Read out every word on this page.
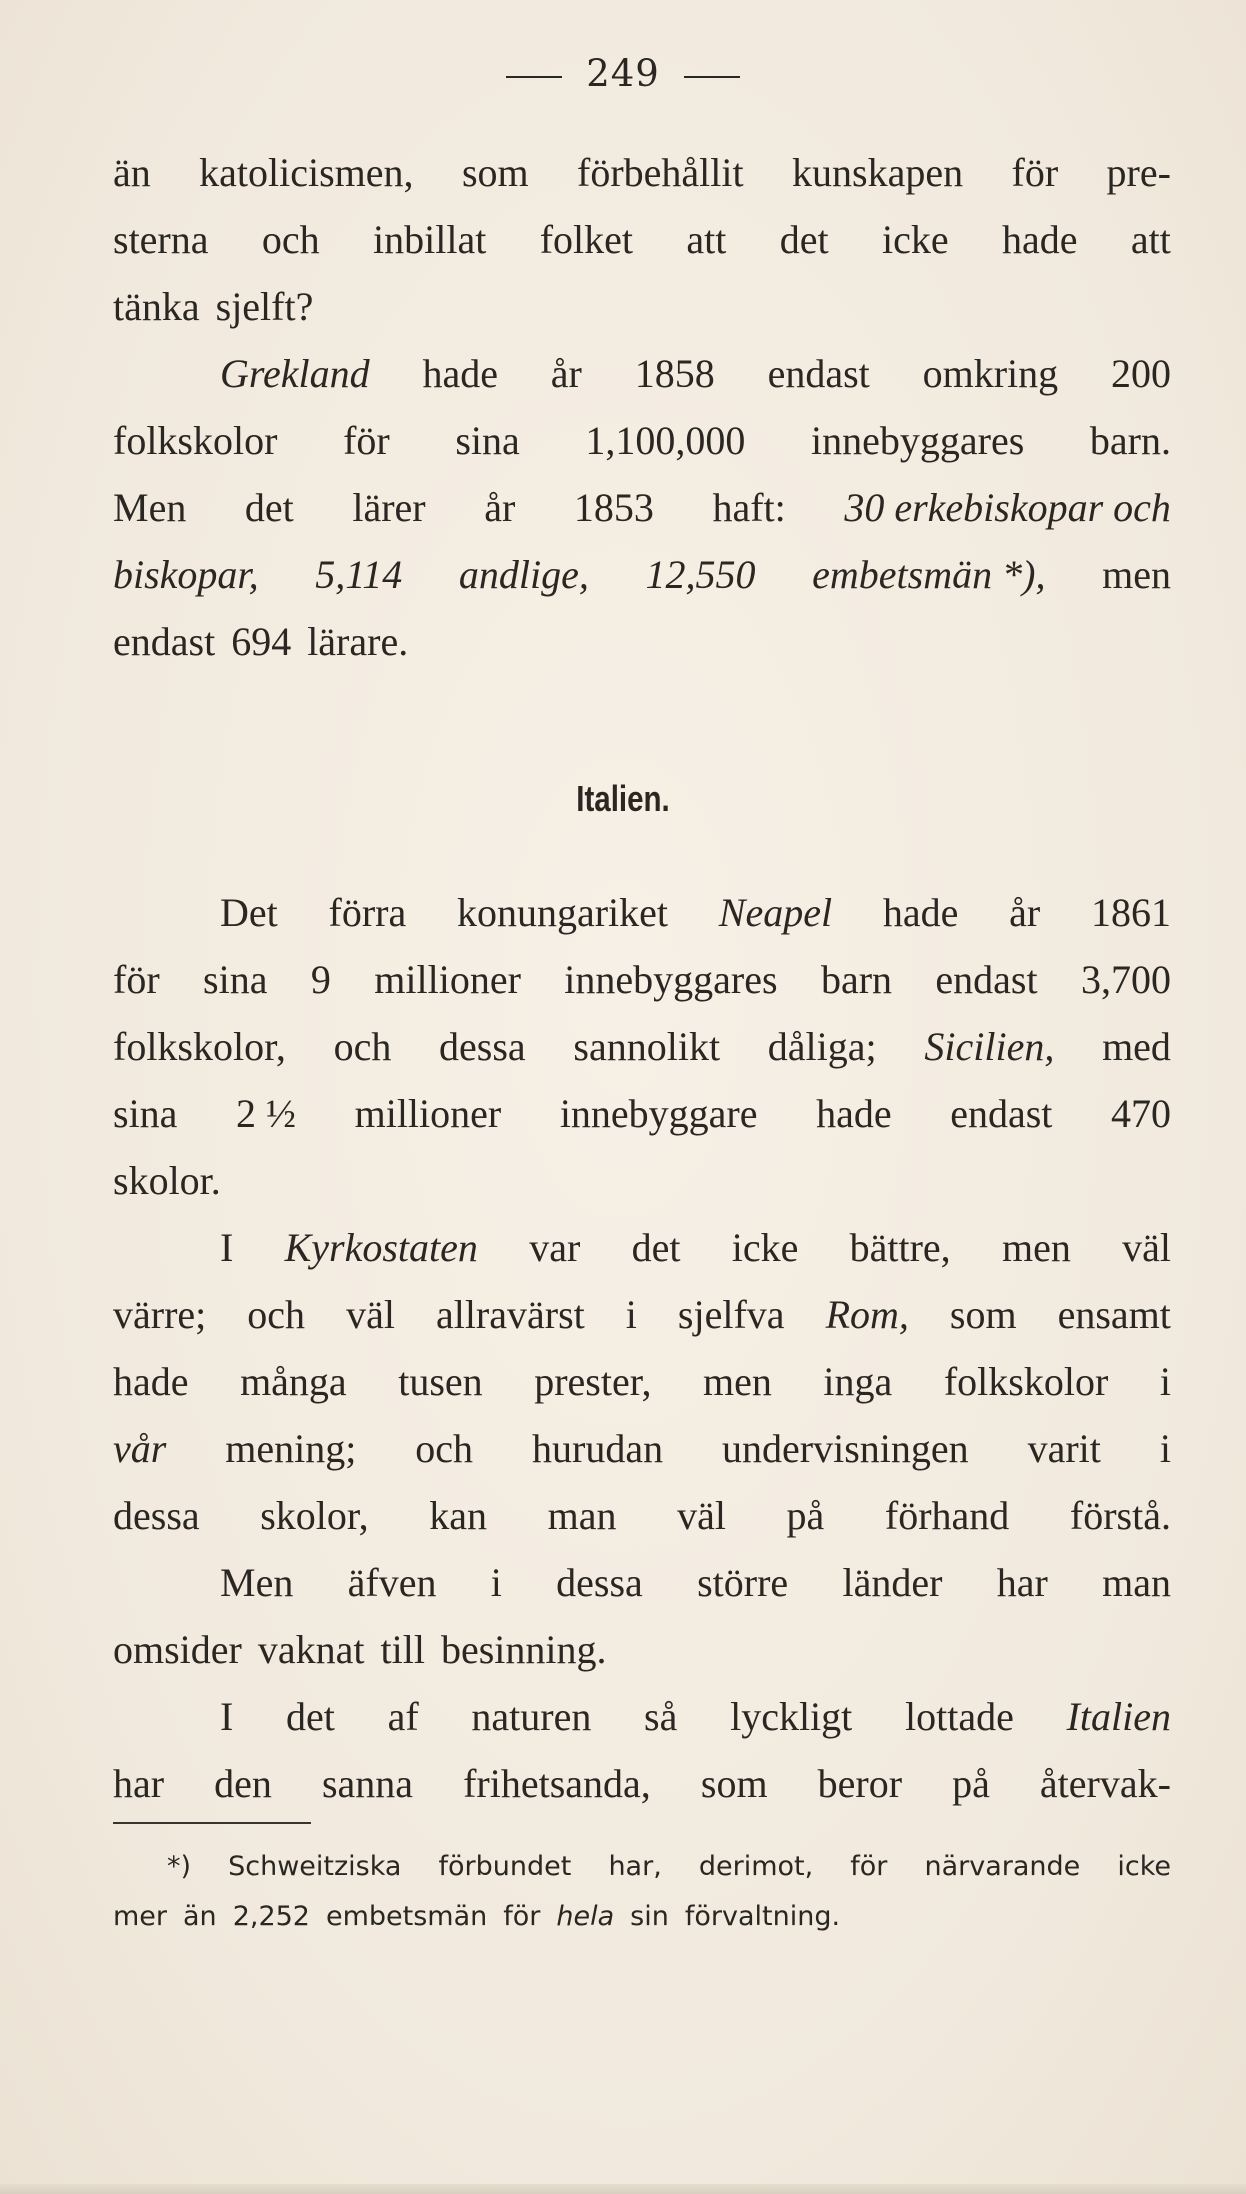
249
än katolicismen, som förbehållit kunskapen för pre-
sterna och inbillat folket att det icke hade att
tänka sjelft?
Grekland hade år 1858 endast omkring 200
folkskolor för sina 1,100,000 innebyggares barn.
Men det lärer år 1853 haft: 30 erkebiskopar och
biskopar, 5,114 andlige, 12,550 embetsmän *), men
endast 694 lärare.
Italien.
Det förra konungariket Neapel hade år 1861
för sina 9 millioner innebyggares barn endast 3,700
folkskolor, och dessa sannolikt dåliga; Sicilien, med
sina 2 ½ millioner innebyggare hade endast 470
skolor.
I Kyrkostaten var det icke bättre, men väl
värre; och väl allravärst i sjelfva Rom, som ensamt
hade många tusen prester, men inga folkskolor i
vår mening; och hurudan undervisningen varit i
dessa skolor, kan man väl på förhand förstå.
Men äfven i dessa större länder har man
omsider vaknat till besinning.
I det af naturen så lyckligt lottade Italien
har den sanna frihetsanda, som beror på återvak-
*) Schweitziska förbundet har, derimot, för närvarande icke
mer än 2,252 embetsmän för hela sin förvaltning.
